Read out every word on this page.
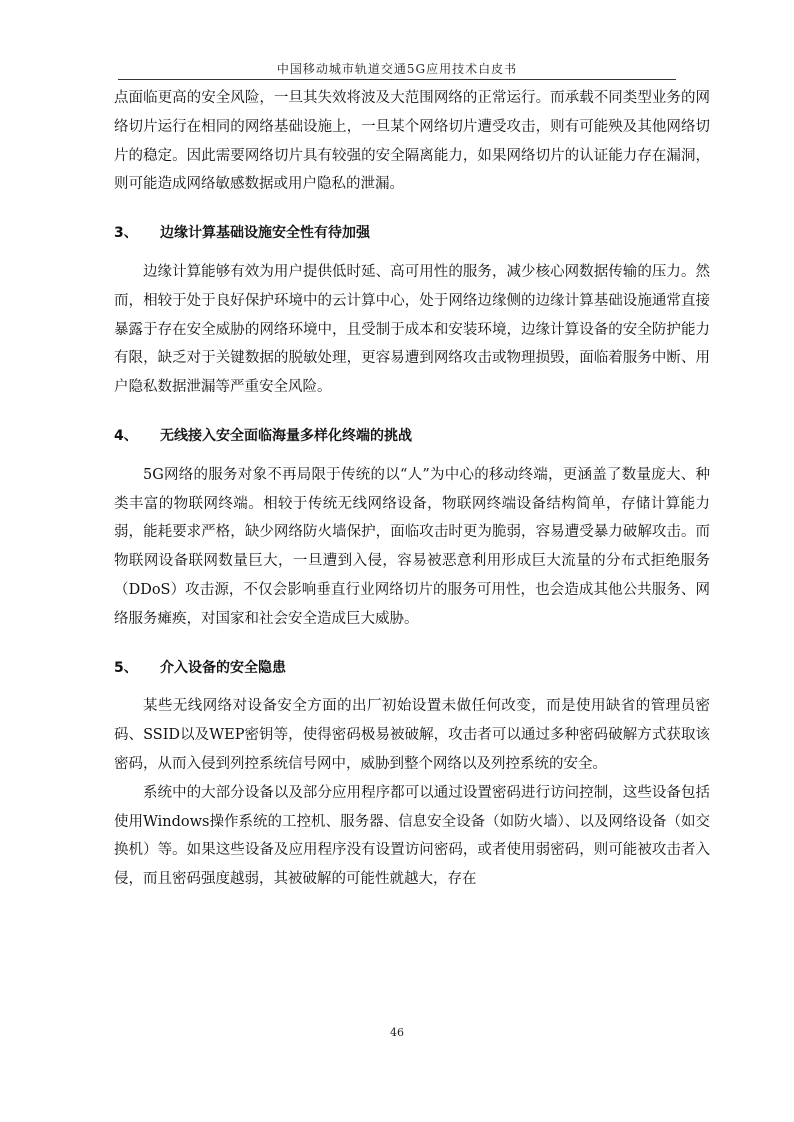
中国移动城市轨道交通5G应用技术白皮书

点面临更高的安全风险，一旦其失效将波及大范围网络的正常运行。而承载不同类型业务的网络切片运行在相同的网络基础设施上，一旦某个网络切片遭受攻击，则有可能殃及其他网络切片的稳定。因此需要网络切片具有较强的安全隔离能力，如果网络切片的认证能力存在漏洞，则可能造成网络敏感数据或用户隐私的泄漏。

3、 边缘计算基础设施安全性有待加强

边缘计算能够有效为用户提供低时延、高可用性的服务，减少核心网数据传输的压力。然而，相较于处于良好保护环境中的云计算中心，处于网络边缘侧的边缘计算基础设施通常直接暴露于存在安全威胁的网络环境中，且受制于成本和安装环境，边缘计算设备的安全防护能力有限，缺乏对于关键数据的脱敏处理，更容易遭到网络攻击或物理损毁，面临着服务中断、用户隐私数据泄漏等严重安全风险。

4、 无线接入安全面临海量多样化终端的挑战

5G网络的服务对象不再局限于传统的以“人”为中心的移动终端，更涵盖了数量庞大、种类丰富的物联网终端。相较于传统无线网络设备，物联网终端设备结构简单，存储计算能力弱，能耗要求严格，缺少网络防火墙保护，面临攻击时更为脆弱，容易遭受暴力破解攻击。而物联网设备联网数量巨大，一旦遭到入侵，容易被恶意利用形成巨大流量的分布式拒绝服务（DDoS）攻击源，不仅会影响垂直行业网络切片的服务可用性，也会造成其他公共服务、网络服务瘫痪，对国家和社会安全造成巨大威胁。

5、 介入设备的安全隐患

某些无线网络对设备安全方面的出厂初始设置未做任何改变，而是使用缺省的管理员密码、SSID以及WEP密钥等，使得密码极易被破解，攻击者可以通过多种密码破解方式获取该密码，从而入侵到列控系统信号网中，威胁到整个网络以及列控系统的安全。

系统中的大部分设备以及部分应用程序都可以通过设置密码进行访问控制，这些设备包括使用Windows操作系统的工控机、服务器、信息安全设备（如防火墙）、以及网络设备（如交换机）等。如果这些设备及应用程序没有设置访问密码，或者使用弱密码，则可能被攻击者入侵，而且密码强度越弱，其被破解的可能性就越大，存在

46
